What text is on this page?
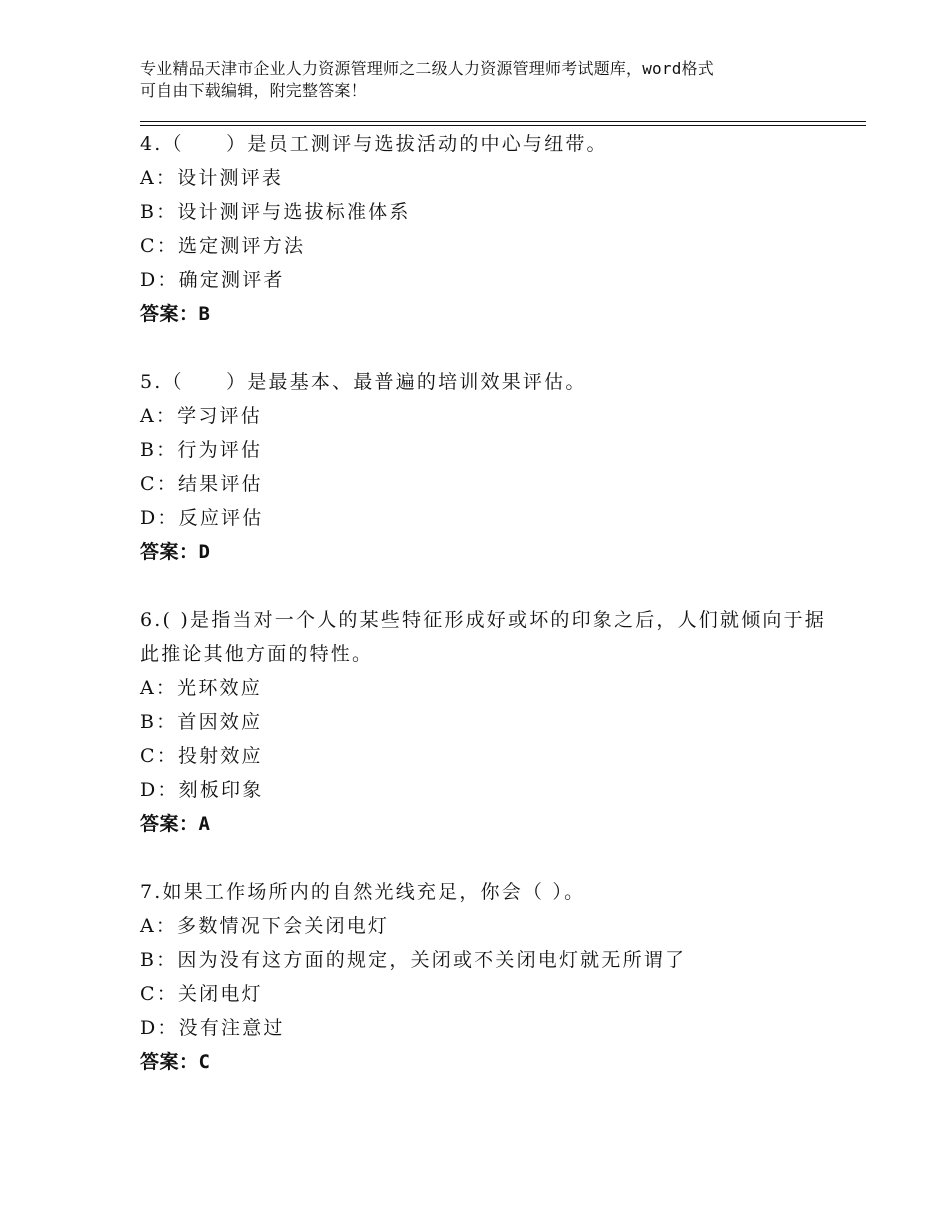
专业精品天津市企业人力资源管理师之二级人力资源管理师考试题库，word格式
可自由下载编辑，附完整答案！
4.（　　）是员工测评与选拔活动的中心与纽带。
A：设计测评表
B：设计测评与选拔标准体系
C：选定测评方法
D：确定测评者
答案：B
5.（　　）是最基本、最普遍的培训效果评估。
A：学习评估
B：行为评估
C：结果评估
D：反应评估
答案：D
6.( )是指当对一个人的某些特征形成好或坏的印象之后，人们就倾向于据此推论其他方面的特性。
A：光环效应
B：首因效应
C：投射效应
D：刻板印象
答案：A
7.如果工作场所内的自然光线充足，你会（ ）。
A：多数情况下会关闭电灯
B：因为没有这方面的规定，关闭或不关闭电灯就无所谓了
C：关闭电灯
D：没有注意过
答案：C
